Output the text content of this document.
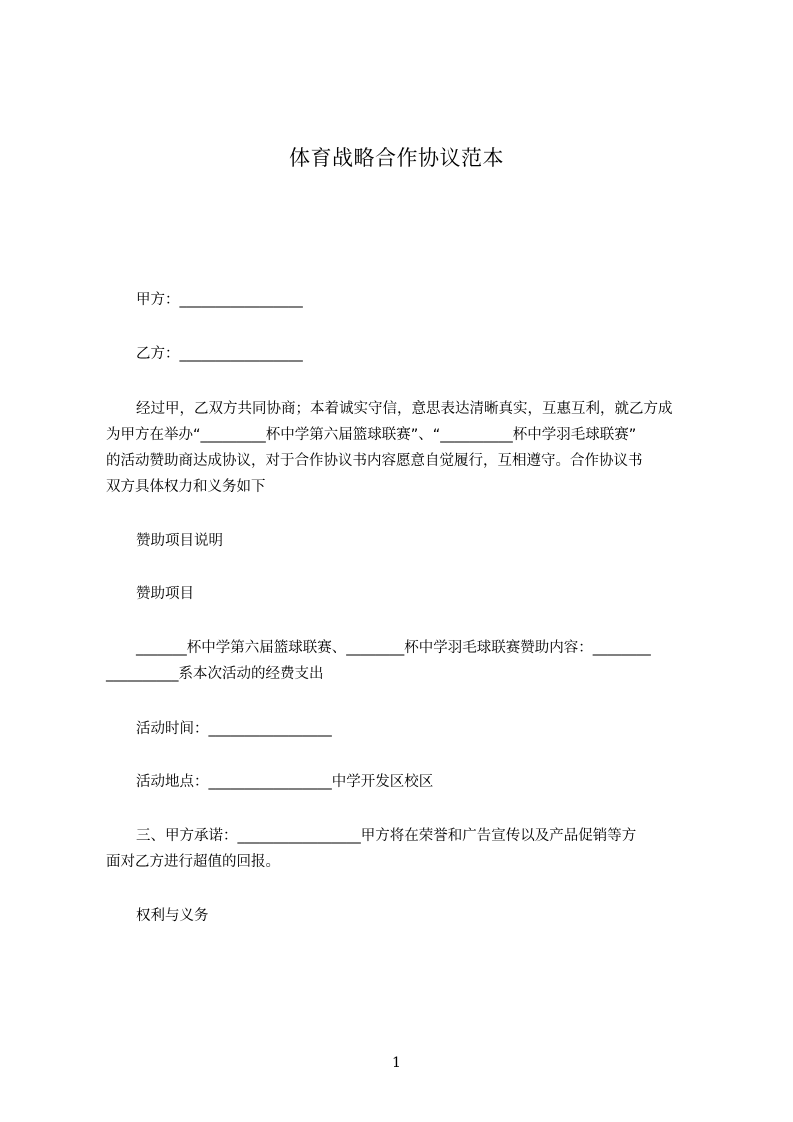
体育战略合作协议范本
甲方：_________________
乙方：_________________
经过甲，乙双方共同协商；本着诚实守信，意思表达清晰真实，互惠互利，就乙方成
为甲方在举办“_________杯中学第六届篮球联赛”、“__________杯中学羽毛球联赛”
的活动赞助商达成协议，对于合作协议书内容愿意自觉履行，互相遵守。合作协议书
双方具体权力和义务如下
赞助项目说明
赞助项目
_______杯中学第六届篮球联赛、________杯中学羽毛球联赛赞助内容：________
__________系本次活动的经费支出
活动时间：_________________
活动地点：_________________中学开发区校区
三、甲方承诺：_________________甲方将在荣誉和广告宣传以及产品促销等方
面对乙方进行超值的回报。
权利与义务
1
